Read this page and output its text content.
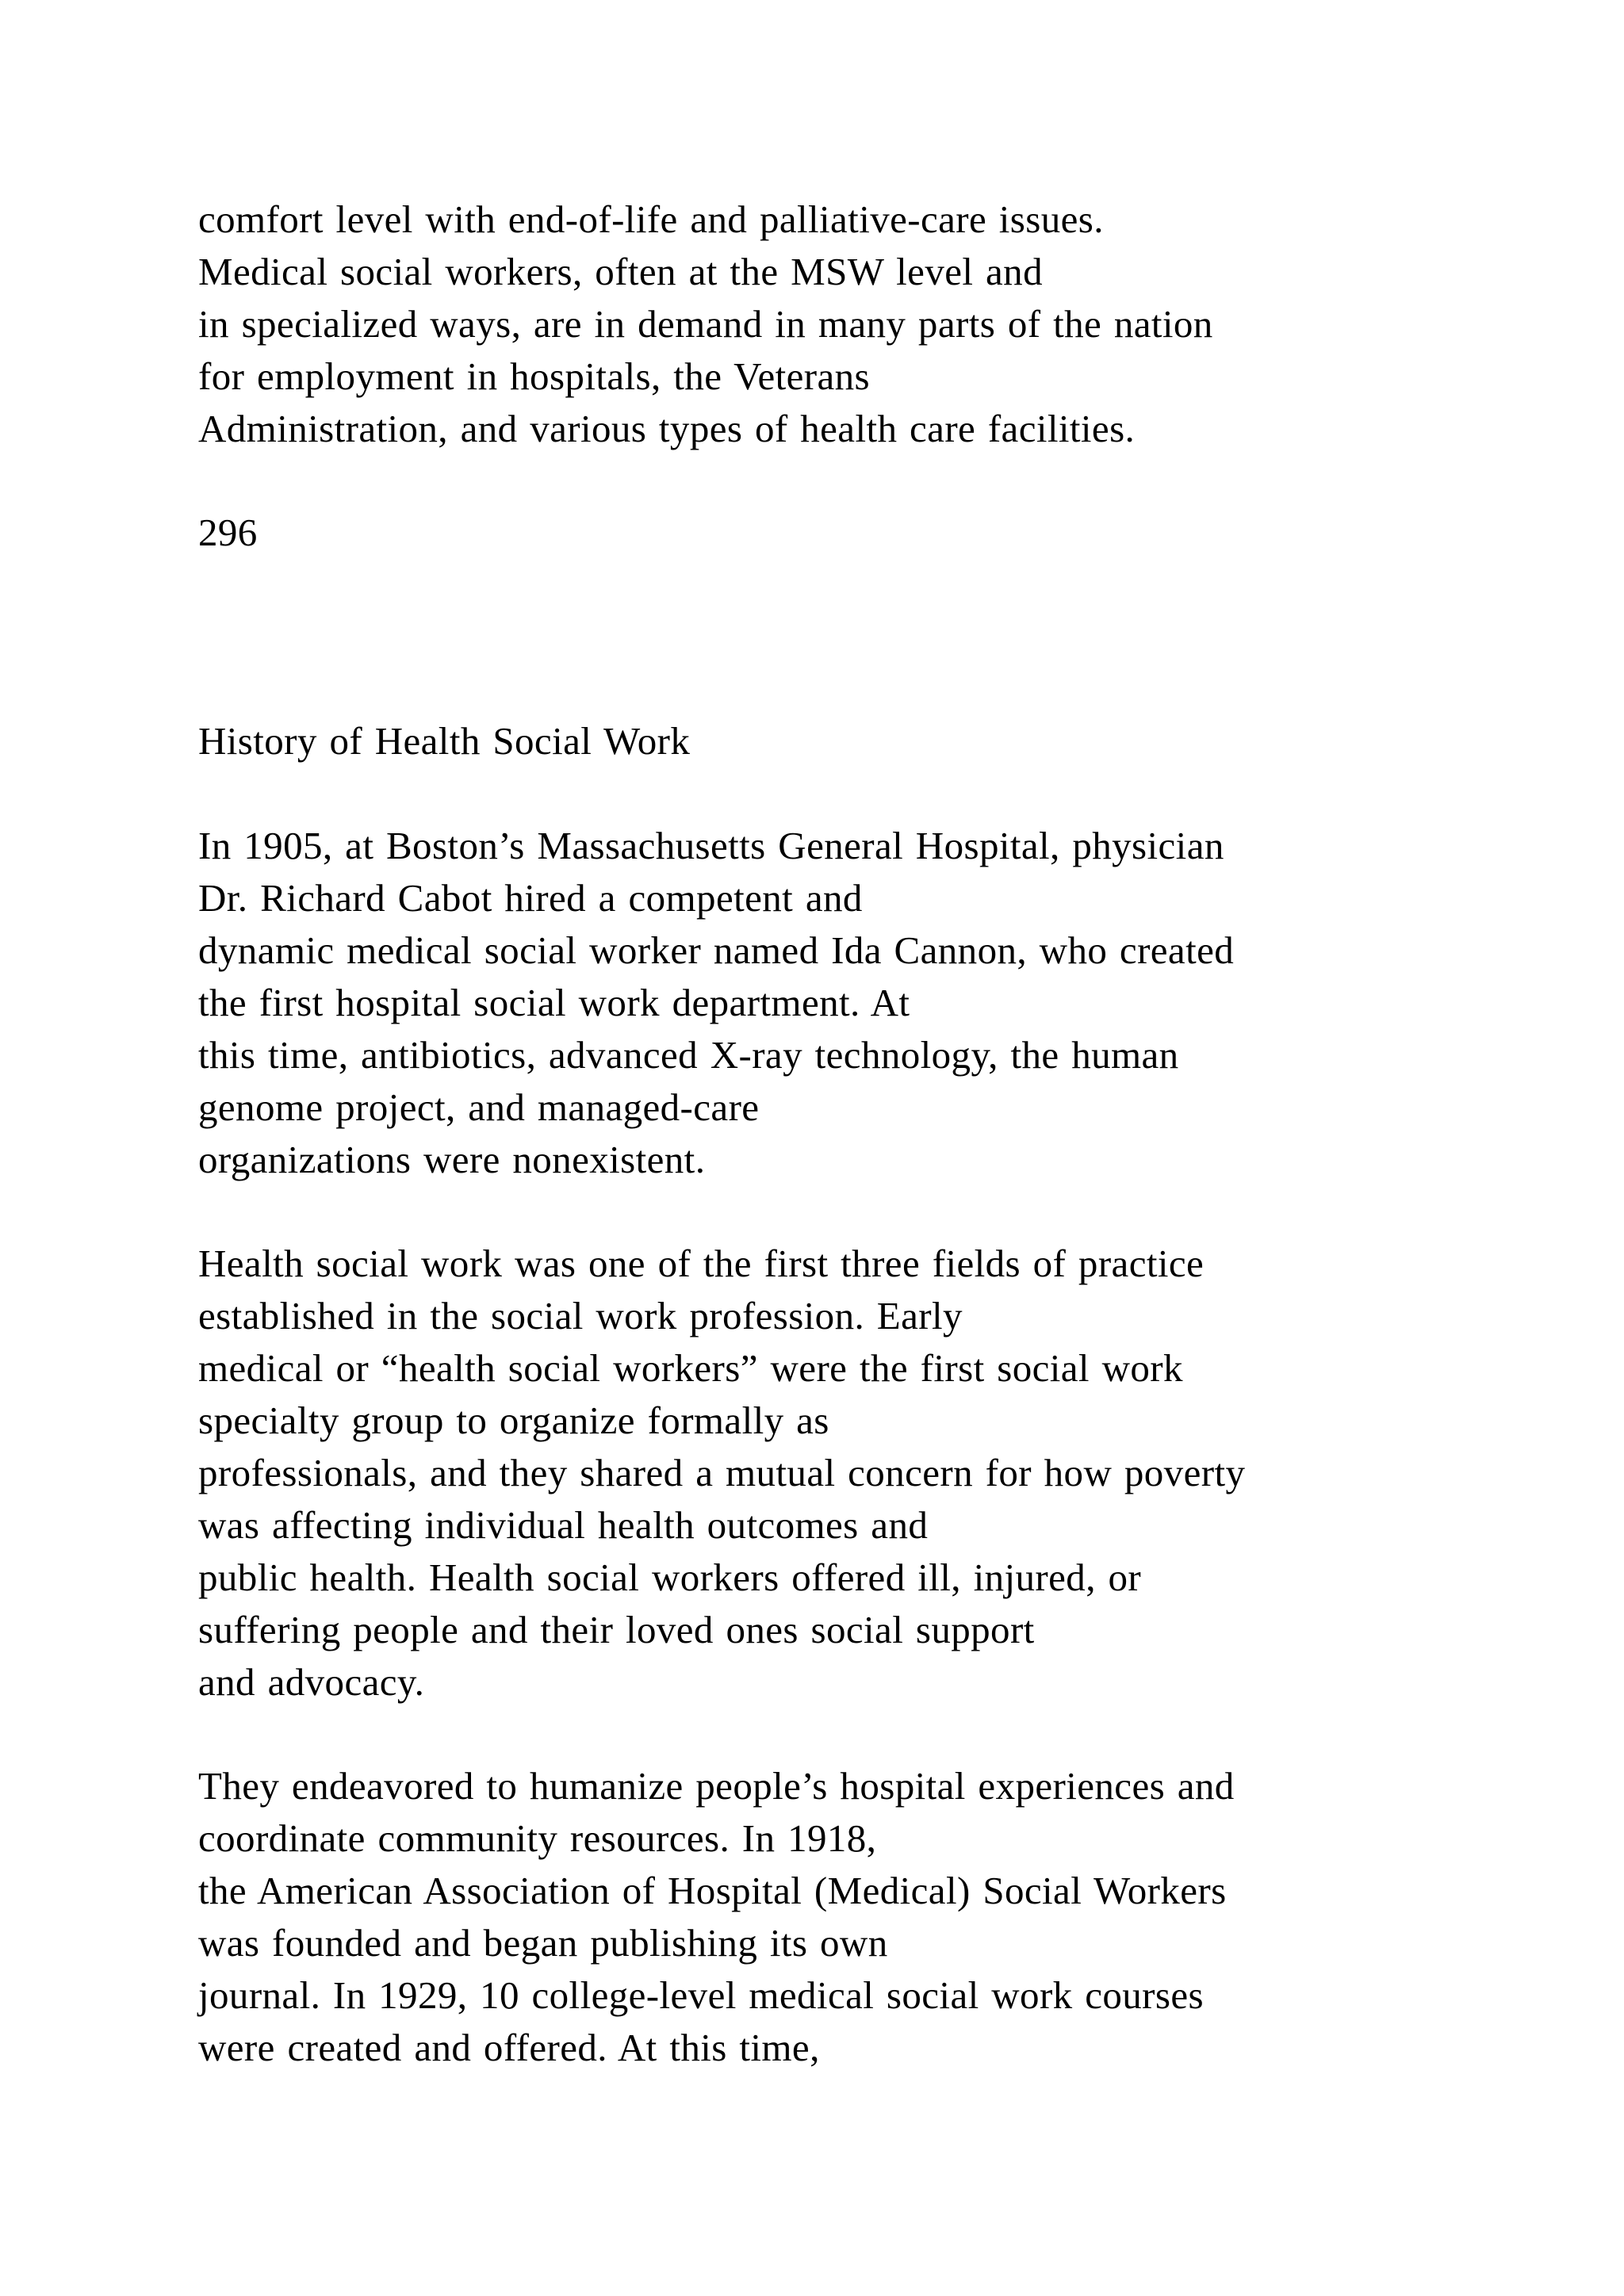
comfort level with end-of-life and palliative-care issues.
Medical social workers, often at the MSW level and
in specialized ways, are in demand in many parts of the nation
for employment in hospitals, the Veterans
Administration, and various types of health care facilities.
296
History of Health Social Work
In 1905, at Boston’s Massachusetts General Hospital, physician
Dr. Richard Cabot hired a competent and
dynamic medical social worker named Ida Cannon, who created
the first hospital social work department. At
this time, antibiotics, advanced X-ray technology, the human
genome project, and managed-care
organizations were nonexistent.
Health social work was one of the first three fields of practice
established in the social work profession. Early
medical or “health social workers” were the first social work
specialty group to organize formally as
professionals, and they shared a mutual concern for how poverty
was affecting individual health outcomes and
public health. Health social workers offered ill, injured, or
suffering people and their loved ones social support
and advocacy.
They endeavored to humanize people’s hospital experiences and
coordinate community resources. In 1918,
the American Association of Hospital (Medical) Social Workers
was founded and began publishing its own
journal. In 1929, 10 college-level medical social work courses
were created and offered. At this time,
